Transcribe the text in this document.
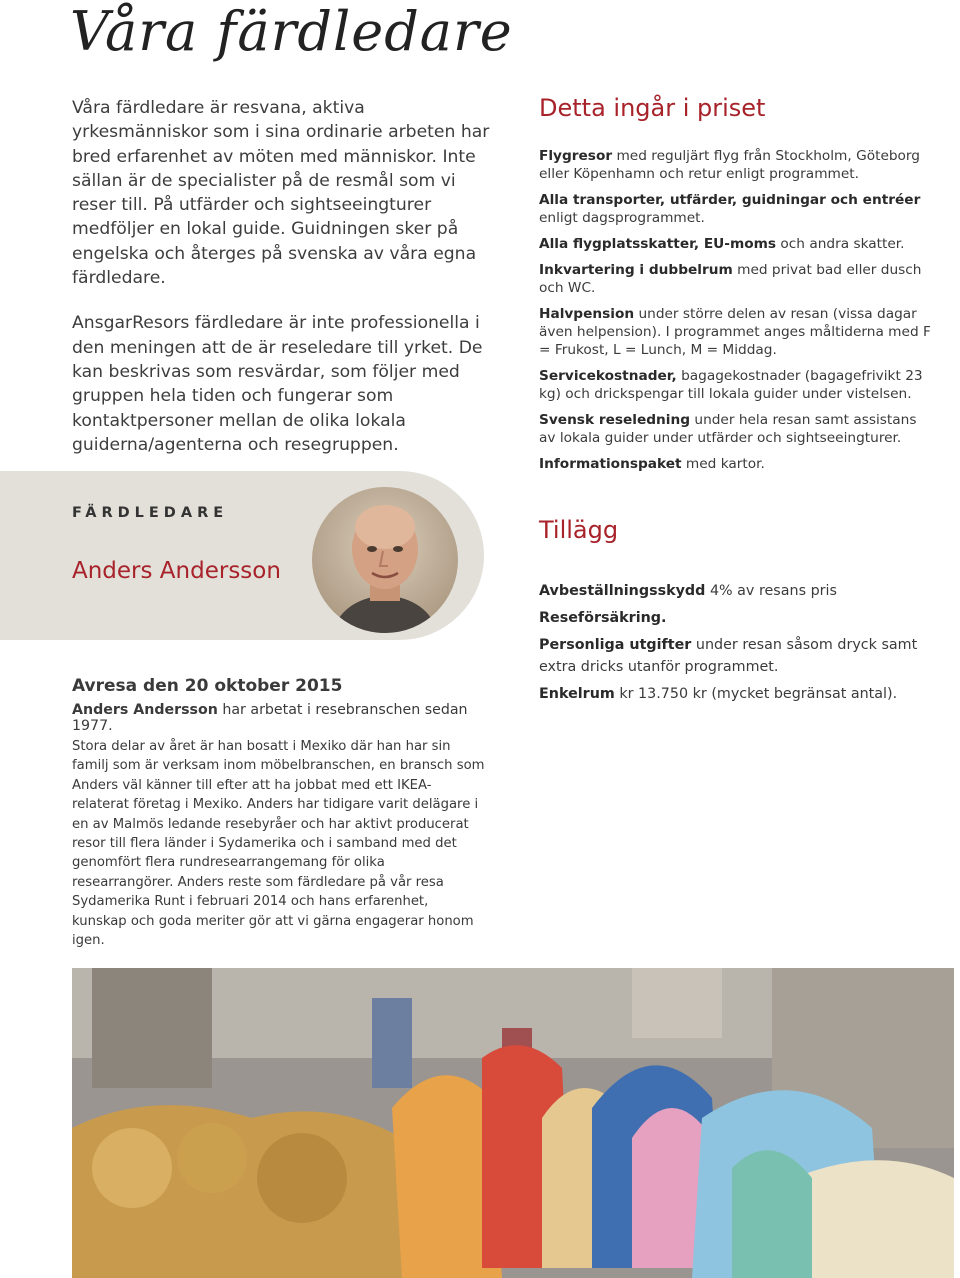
Våra färdledare

Våra färdledare är resvana, aktiva yrkesmänniskor som i sina ordinarie arbeten har bred erfarenhet av möten med människor. Inte sällan är de specialister på de resmål som vi reser till. På utfärder och sightseeingturer medföljer en lokal guide. Guidningen sker på engelska och återges på svenska av våra egna färdledare.

AnsgarResors färdledare är inte professionella i den meningen att de är reseledare till yrket. De kan beskrivas som resvärdar, som följer med gruppen hela tiden och fungerar som kontaktpersoner mellan de olika lokala guiderna/agenterna och resegruppen.

Detta ingår i priset
Flygresor med reguljärt flyg från Stockholm, Göteborg eller Köpenhamn och retur enligt programmet.
Alla transporter, utfärder, guidningar och entréer enligt dagsprogrammet.
Alla flygplatsskatter, EU-moms och andra skatter.
Inkvartering i dubbelrum med privat bad eller dusch och WC.
Halvpension under större delen av resan (vissa dagar även helpension). I programmet anges måltiderna med F = Frukost, L = Lunch, M = Middag.
Servicekostnader, bagagekostnader (bagagefrivikt 23 kg) och drickspengar till lokala guider under vistelsen.
Svensk reseledning under hela resan samt assistans av lokala guider under utfärder och sightseeingturer.
Informationspaket med kartor.
FÄRDLEDARE
Anders Andersson

Avresa den 20 oktober 2015

Anders Andersson har arbetat i resebranschen sedan 1977.

Stora delar av året är han bosatt i Mexiko där han har sin familj som är verksam inom möbelbranschen, en bransch som Anders väl känner till efter att ha jobbat med ett IKEA-relaterat företag i Mexiko. Anders har tidigare varit delägare i en av Malmös ledande resebyråer och har aktivt producerat resor till flera länder i Sydamerika och i samband med det genomfört flera rundresearrangemang för olika researrangörer. Anders reste som färdledare på vår resa Sydamerika Runt i februari 2014 och hans erfarenhet, kunskap och goda meriter gör att vi gärna engagerar honom igen.

Tillägg
Avbeställningsskydd 4% av resans pris
Reseförsäkring.
Personliga utgifter under resan såsom dryck samt extra dricks utanför programmet.
Enkelrum kr 13.750 kr (mycket begränsat antal).
